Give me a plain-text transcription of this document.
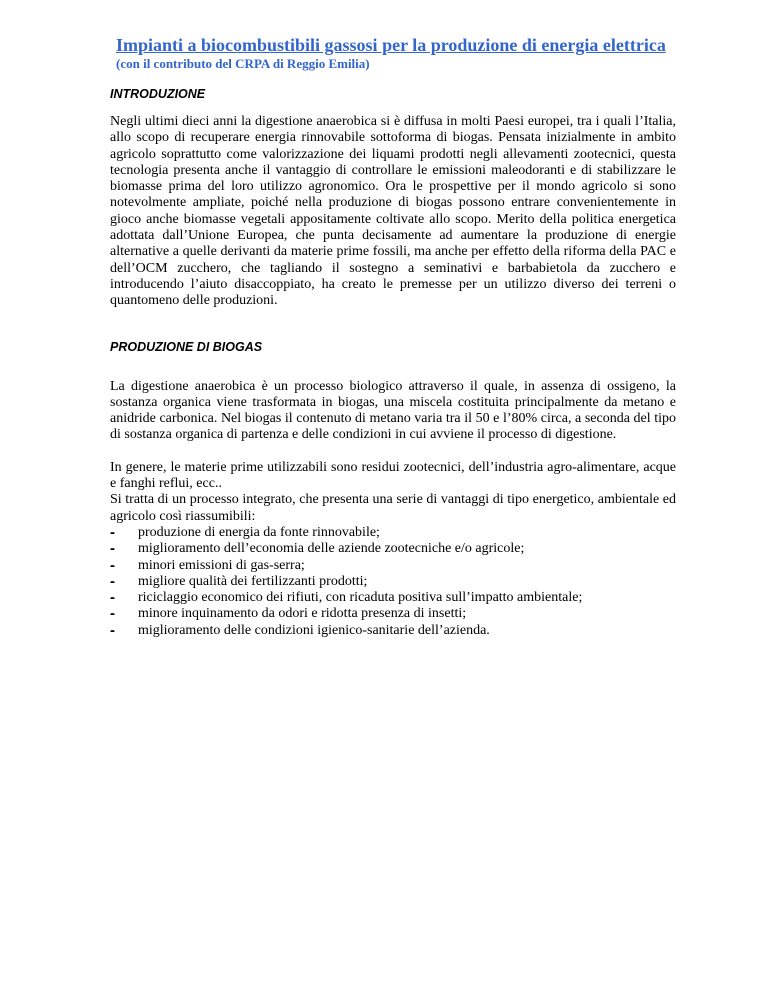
Impianti a biocombustibili gassosi per la produzione di energia elettrica
(con il contributo del CRPA di Reggio Emilia)
INTRODUZIONE

Negli ultimi dieci anni la digestione anaerobica si è diffusa in molti Paesi europei, tra i quali l’Italia, allo scopo di recuperare energia rinnovabile sottoforma di biogas. Pensata inizialmente in ambito agricolo soprattutto come valorizzazione dei liquami prodotti negli allevamenti zootecnici, questa tecnologia presenta anche il vantaggio di controllare le emissioni maleodoranti e di stabilizzare le biomasse prima del loro utilizzo agronomico. Ora le prospettive per il mondo agricolo si sono notevolmente ampliate, poiché nella produzione di biogas possono entrare convenientemente in gioco anche biomasse vegetali appositamente coltivate allo scopo. Merito della politica energetica adottata dall’Unione Europea, che punta decisamente ad aumentare la produzione di energie alternative a quelle derivanti da materie prime fossili, ma anche per effetto della riforma della PAC e dell’OCM zucchero, che tagliando il sostegno a seminativi e barbabietola da zucchero e introducendo l’aiuto disaccoppiato, ha creato le premesse per un utilizzo diverso dei terreni o quantomeno delle produzioni.

PRODUZIONE DI BIOGAS

La digestione anaerobica è un processo biologico attraverso il quale, in assenza di ossigeno, la sostanza organica viene trasformata in biogas, una miscela costituita principalmente da metano e anidride carbonica. Nel biogas il contenuto di metano varia tra il 50 e l’80% circa, a seconda del tipo di sostanza organica di partenza e delle condizioni in cui avviene il processo di digestione.

In genere, le materie prime utilizzabili sono residui zootecnici, dell’industria agro-alimentare, acque e fanghi reflui, ecc..

Si tratta di un processo integrato, che presenta una serie di vantaggi di tipo energetico, ambientale ed agricolo così riassumibili:

- produzione di energia da fonte rinnovabile;
- miglioramento dell’economia delle aziende zootecniche e/o agricole;
- minori emissioni di gas-serra;
- migliore qualità dei fertilizzanti prodotti;
- riciclaggio economico dei rifiuti, con ricaduta positiva sull’impatto ambientale;
- minore inquinamento da odori e ridotta presenza di insetti;
- miglioramento delle condizioni igienico-sanitarie dell’azienda.
